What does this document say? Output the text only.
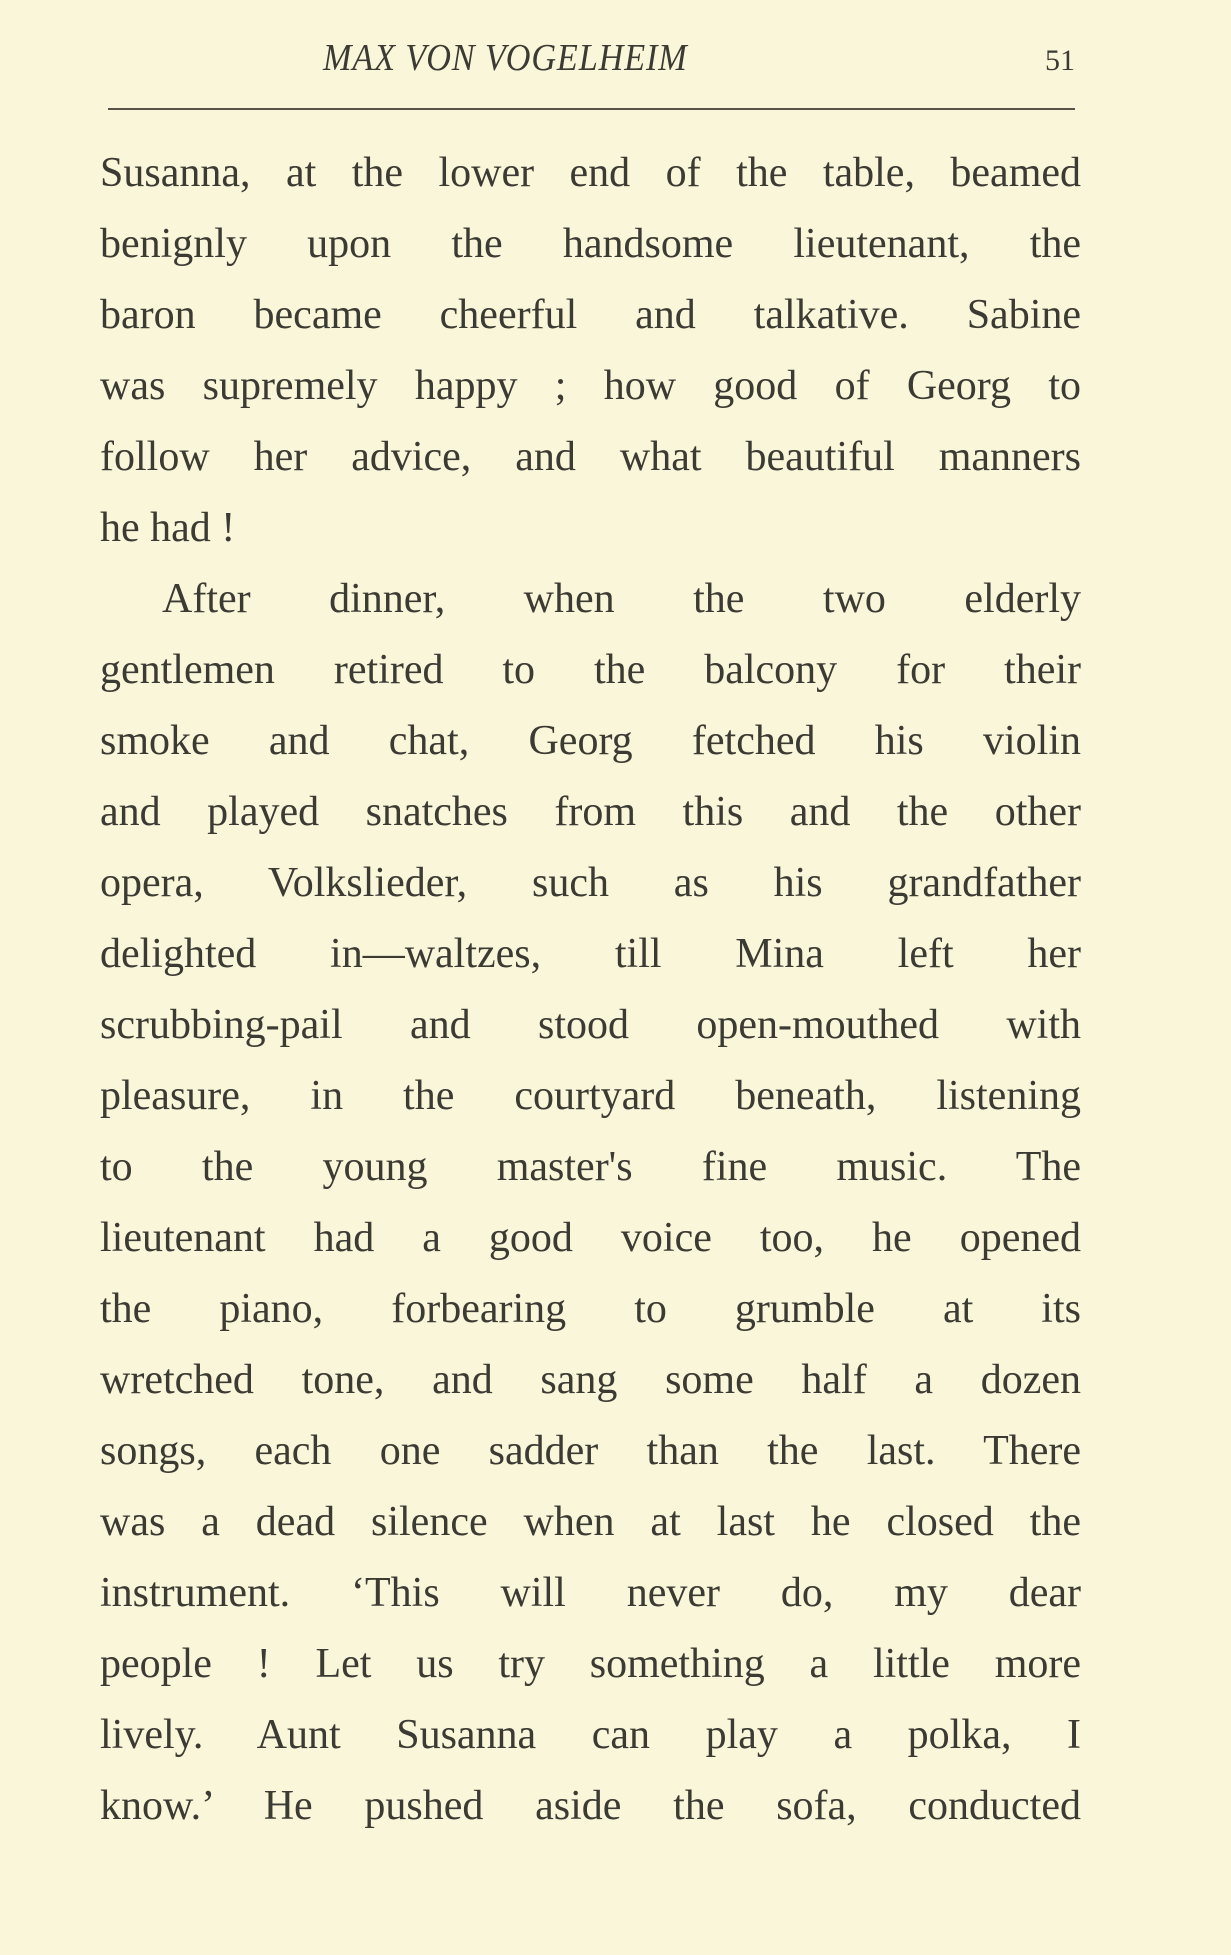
MAX VON VOGELHEIM	51
Susanna, at the lower end of the table, beamed
benignly upon the handsome lieutenant, the
baron became cheerful and talkative. Sabine
was supremely happy ; how good of Georg to
follow her advice, and what beautiful manners
he had !
After dinner, when the two elderly
gentlemen retired to the balcony for their
smoke and chat, Georg fetched his violin
and played snatches from this and the other
opera, Volkslieder, such as his grandfather
delighted in—waltzes, till Mina left her
scrubbing-pail and stood open-mouthed with
pleasure, in the courtyard beneath, listening
to the young master's fine music. The
lieutenant had a good voice too, he opened
the piano, forbearing to grumble at its
wretched tone, and sang some half a dozen
songs, each one sadder than the last. There
was a dead silence when at last he closed the
instrument. ‘This will never do, my dear
people ! Let us try something a little more
lively. Aunt Susanna can play a polka, I
know.’ He pushed aside the sofa, conducted
